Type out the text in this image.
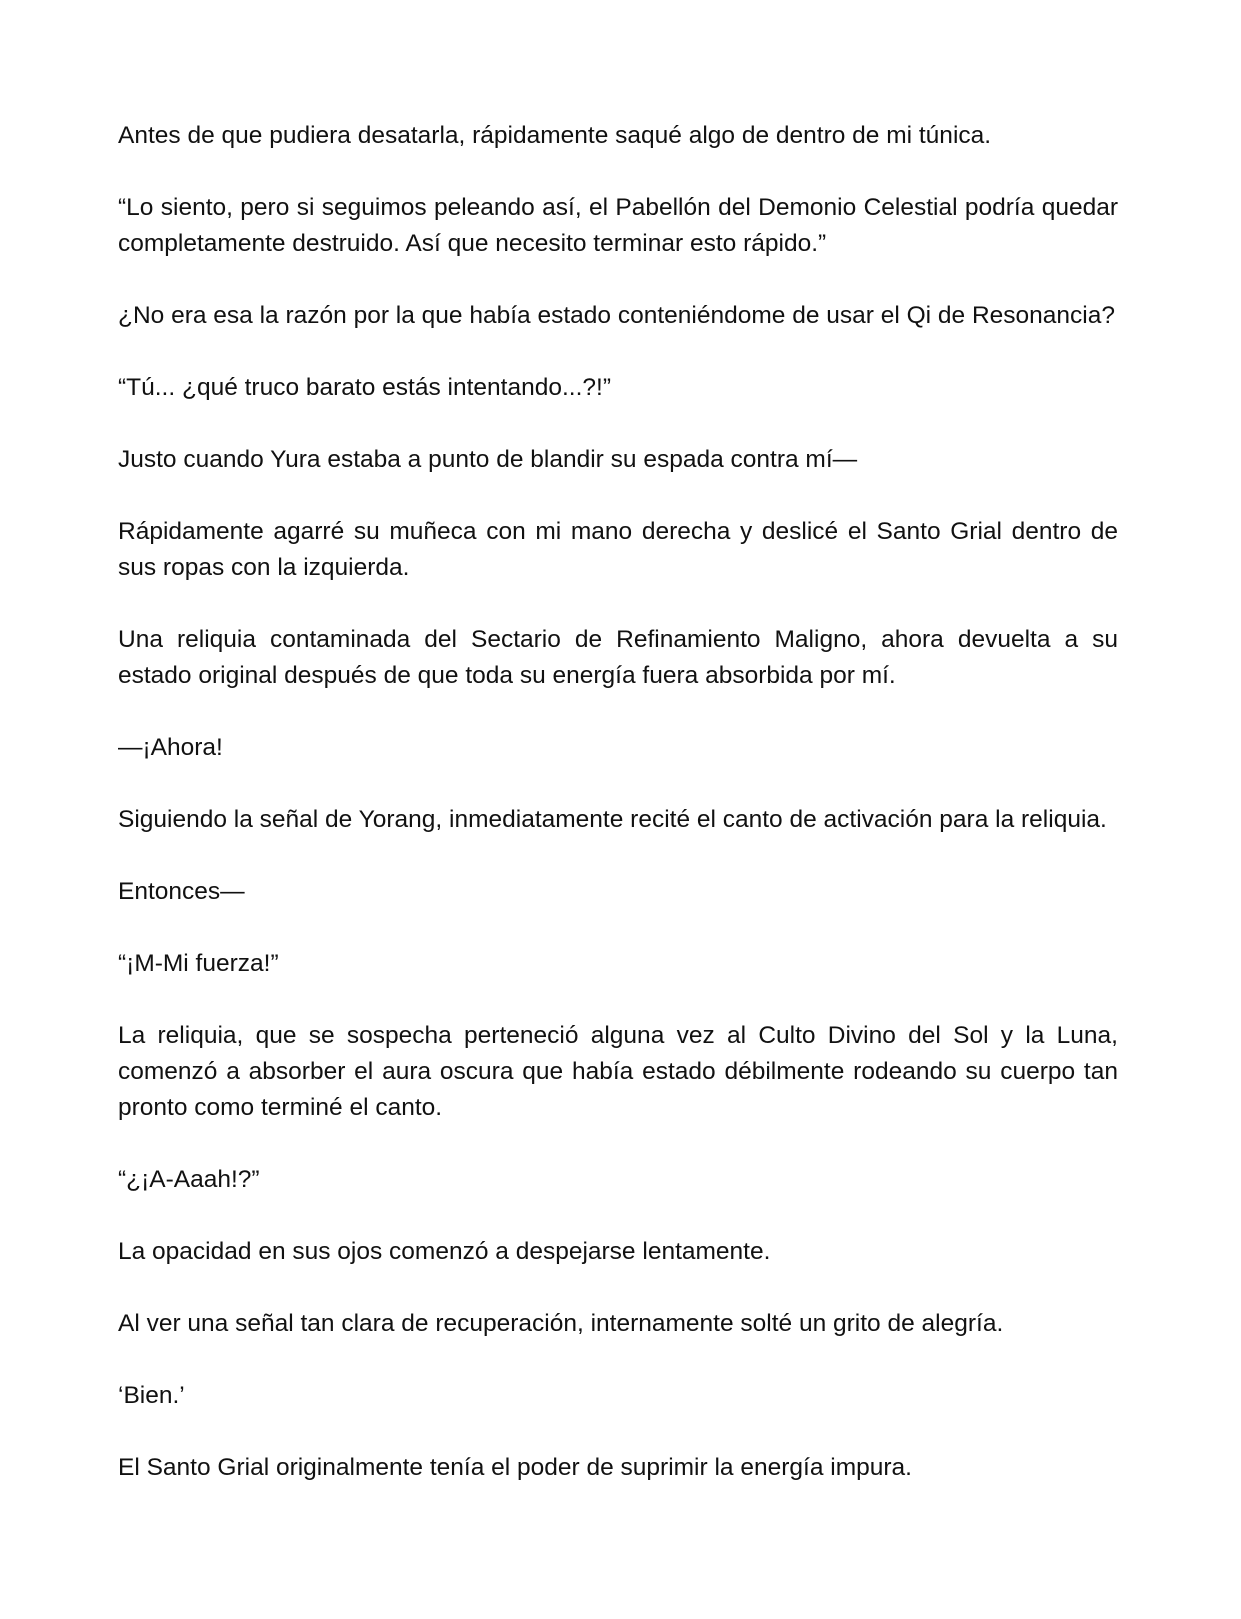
Antes de que pudiera desatarla, rápidamente saqué algo de dentro de mi túnica.

“Lo siento, pero si seguimos peleando así, el Pabellón del Demonio Celestial podría quedar completamente destruido. Así que necesito terminar esto rápido.”

¿No era esa la razón por la que había estado conteniéndome de usar el Qi de Resonancia?

“Tú... ¿qué truco barato estás intentando...?!”

Justo cuando Yura estaba a punto de blandir su espada contra mí—

Rápidamente agarré su muñeca con mi mano derecha y deslicé el Santo Grial dentro de sus ropas con la izquierda.

Una reliquia contaminada del Sectario de Refinamiento Maligno, ahora devuelta a su estado original después de que toda su energía fuera absorbida por mí.

—¡Ahora!

Siguiendo la señal de Yorang, inmediatamente recité el canto de activación para la reliquia.

Entonces—

“¡M-Mi fuerza!”

La reliquia, que se sospecha perteneció alguna vez al Culto Divino del Sol y la Luna, comenzó a absorber el aura oscura que había estado débilmente rodeando su cuerpo tan pronto como terminé el canto.

“¿¡A-Aaah!?”

La opacidad en sus ojos comenzó a despejarse lentamente.

Al ver una señal tan clara de recuperación, internamente solté un grito de alegría.

‘Bien.’

El Santo Grial originalmente tenía el poder de suprimir la energía impura.
